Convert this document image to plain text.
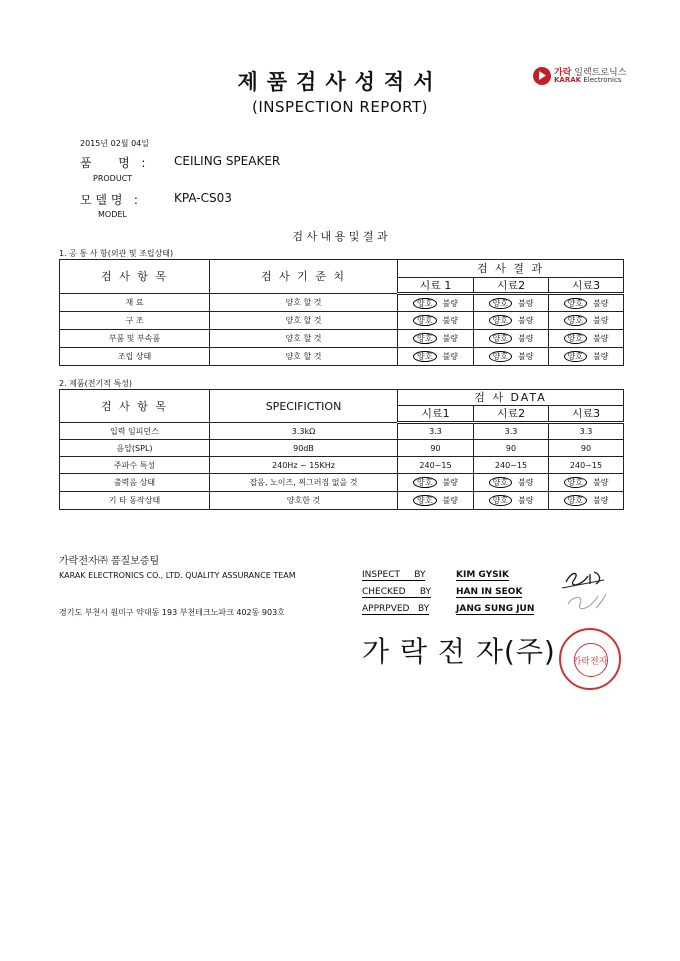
제품검사성적서
(INSPECTION REPORT)
가락 일렉트로닉스
KARAK Electronics
2015년 02월 04일
품       명   : CEILING SPEAKER
PRODUCT
모 델 명   :	KPA-CS03
MODEL
검 사 내 용 및 결 과
1. 공 통 사 항(외관 및 조립상태)
검 사 항 목	검 사 기 준 치	검 사 결 과		
		시료 1	시료2	시료3
재 료	양호 할 것	양호 불량	양호 불량	양호 불량

구 조	양호 할 것	양호 불량	양호 불량	양호 불량

부품 및 부속품	양호 할 것	양호 불량	양호 불량	양호 불량

조립 상태	양호 할 것	양호 불량	양호 불량	양호 불량
2. 제품(전기적 특성)
검 사 항 목	SPECIFICTION	검 사 DATA		
		시료1	시료2	시료3
입력 임피던스	3.3kΩ	3.3	3.3	3.3
음압(SPL)	90dB	90	90	90
주파수 특성	240Hz ~ 15KHz	240~15	240~15	240~15
출력음 상태	잡음, 노이즈, 찌그러짐 없을 것	양호 불량	양호 불량	양호 불량

기 타 동작상태	양호한 것	양호 불량	양호 불량	양호 불량
가락전자㈜ 품질보증팀
KARAK ELECTRONICS CO., LTD. QUALITY ASSURANCE TEAM
경기도 부천시 원미구 약대동 193 부천테크노파크 402동 903호
INSPECT     BY	KIM GYSIK
CHECKED     BY	HAN IN SEOK
APPRPVED   BY	JANG SUNG JUN
가 락 전 자(주)	가락전자
